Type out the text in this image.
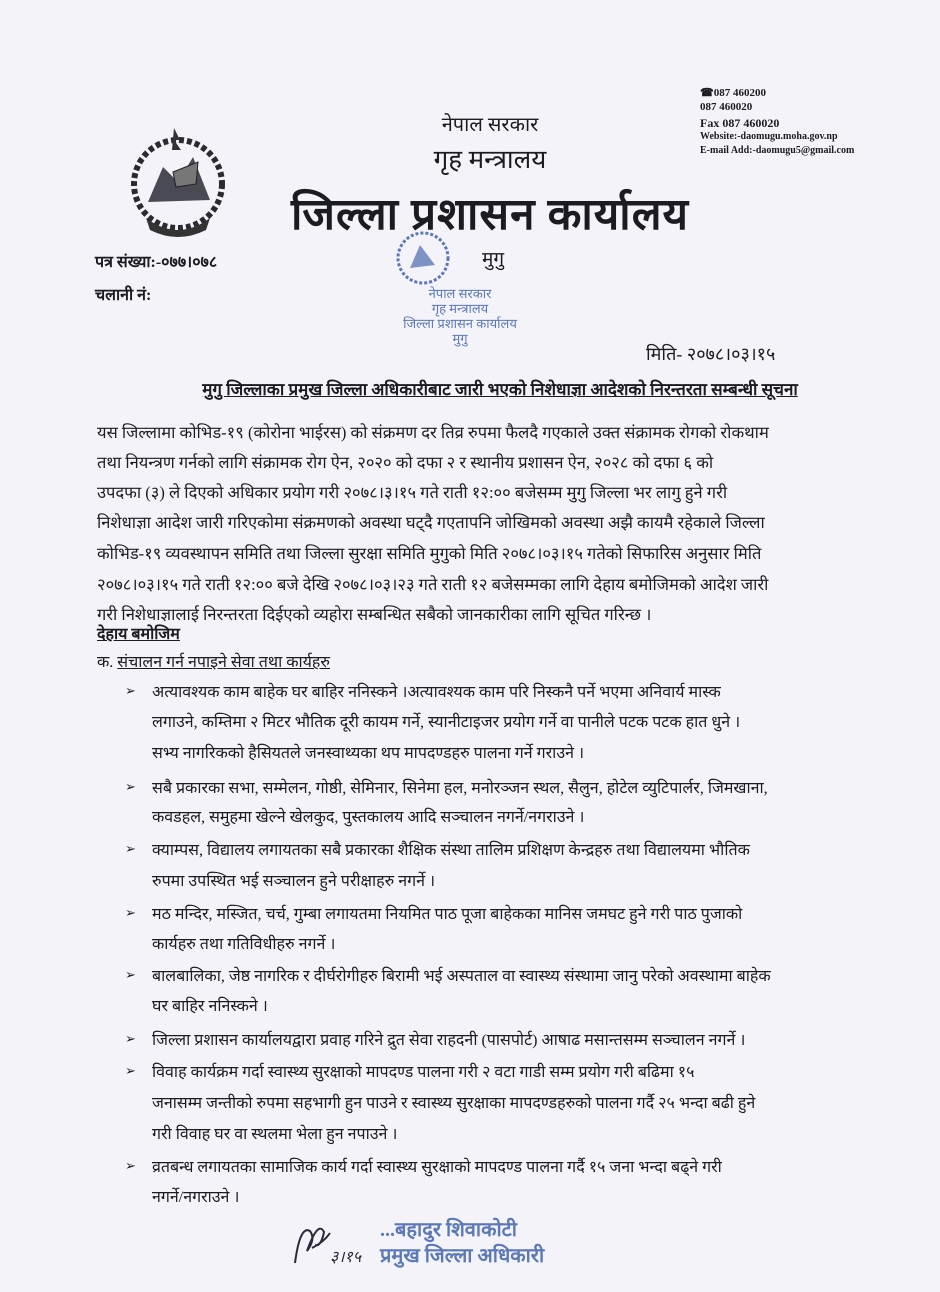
नेपाल सरकार
गृह मन्त्रालय
जिल्ला प्रशासन कार्यालय
☎087 460200
087 460020
Fax 087 460020
Website:-daomugu.moha.gov.np
E-mail Add:-daomugu5@gmail.com
पत्र संख्या:-०७७।०७८
चलानी नं:	नेपाल सरकार
गृह मन्त्रालय
जिल्ला प्रशासन कार्यालय
मुगु
मुगु
मिति- २०७८।०३।१५
मुगु जिल्लाका प्रमुख जिल्ला अधिकारीबाट जारी भएको निशेधाज्ञा आदेशको निरन्तरता सम्बन्धी सूचना
यस जिल्लामा कोभिड-१९ (कोरोना भाईरस) को संक्रमण दर तिव्र रुपमा फैलदै गएकाले उक्त संक्रामक रोगको रोकथाम
तथा नियन्त्रण गर्नको लागि संक्रामक रोग ऐन, २०२० को दफा २ र स्थानीय प्रशासन ऐन, २०२८ को दफा ६ को
उपदफा (३) ले दिएको अधिकार प्रयोग गरी २०७८।३।१५ गते राती १२:०० बजेसम्म मुगु जिल्ला भर लागु हुने गरी
निशेधाज्ञा आदेश जारी गरिएकोमा संक्रमणको अवस्था घट्दै गएतापनि जोखिमको अवस्था अझै कायमै रहेकाले जिल्ला
कोभिड-१९ व्यवस्थापन समिति तथा जिल्ला सुरक्षा समिति मुगुको मिति २०७८।०३।१५ गतेको सिफारिस अनुसार मिति
२०७८।०३।१५ गते राती १२:०० बजे देखि २०७८।०३।२३ गते राती १२ बजेसम्मका लागि देहाय बमोजिमको आदेश जारी
गरी निशेधाज्ञालाई निरन्तरता दिईएको व्यहोरा सम्बन्धित सबैको जानकारीका लागि सूचित गरिन्छ ।
देहाय बमोजिम
क. संचालन गर्न नपाइने सेवा तथा कार्यहरु
➢ अत्यावश्यक काम बाहेक घर बाहिर ननिस्कने ।अत्यावश्यक काम परि निस्कनै पर्ने भएमा अनिवार्य मास्क
लगाउने, कम्तिमा २ मिटर भौतिक दूरी कायम गर्ने, स्यानीटाइजर प्रयोग गर्ने वा पानीले पटक पटक हात धुने ।
सभ्य नागरिकको हैसियतले जनस्वाथ्यका थप मापदण्डहरु पालना गर्ने गराउने ।
➢ सबै प्रकारका सभा, सम्मेलन, गोष्ठी, सेमिनार, सिनेमा हल, मनोरञ्जन स्थल, सैलुन, होटेल व्युटिपार्लर, जिमखाना,
कवडहल, समुहमा खेल्ने खेलकुद, पुस्तकालय आदि सञ्चालन नगर्ने/नगराउने ।
➢ क्याम्पस, विद्यालय लगायतका सबै प्रकारका शैक्षिक संस्था तालिम प्रशिक्षण केन्द्रहरु तथा विद्यालयमा भौतिक
रुपमा उपस्थित भई सञ्चालन हुने परीक्षाहरु नगर्ने ।
➢ मठ मन्दिर, मस्जित, चर्च, गुम्बा लगायतमा नियमित पाठ पूजा बाहेकका मानिस जमघट हुने गरी पाठ पुजाको
कार्यहरु तथा गतिविधीहरु नगर्ने ।
➢ बालबालिका, जेष्ठ नागरिक र दीर्घरोगीहरु बिरामी भई अस्पताल वा स्वास्थ्य संस्थामा जानु परेको अवस्थामा बाहेक
घर बाहिर ननिस्कने ।
➢ जिल्ला प्रशासन कार्यालयद्वारा प्रवाह गरिने द्रुत सेवा राहदनी (पासपोर्ट) आषाढ मसान्तसम्म सञ्चालन नगर्ने ।
➢ विवाह कार्यक्रम गर्दा स्वास्थ्य सुरक्षाको मापदण्ड पालना गरी २ वटा गाडी सम्म प्रयोग गरी बढिमा १५
जनासम्म जन्तीको रुपमा सहभागी हुन पाउने र स्वास्थ्य सुरक्षाका मापदण्डहरुको पालना गर्दै २५ भन्दा बढी हुने
गरी विवाह घर वा स्थलमा भेला हुन नपाउने ।
➢ व्रतबन्ध लगायतका सामाजिक कार्य गर्दा स्वास्थ्य सुरक्षाको मापदण्ड पालना गर्दै १५ जना भन्दा बढ्ने गरी
नगर्ने/नगराउने ।
३।१५
...बहादुर शिवाकोटी
प्रमुख जिल्ला अधिकारी
